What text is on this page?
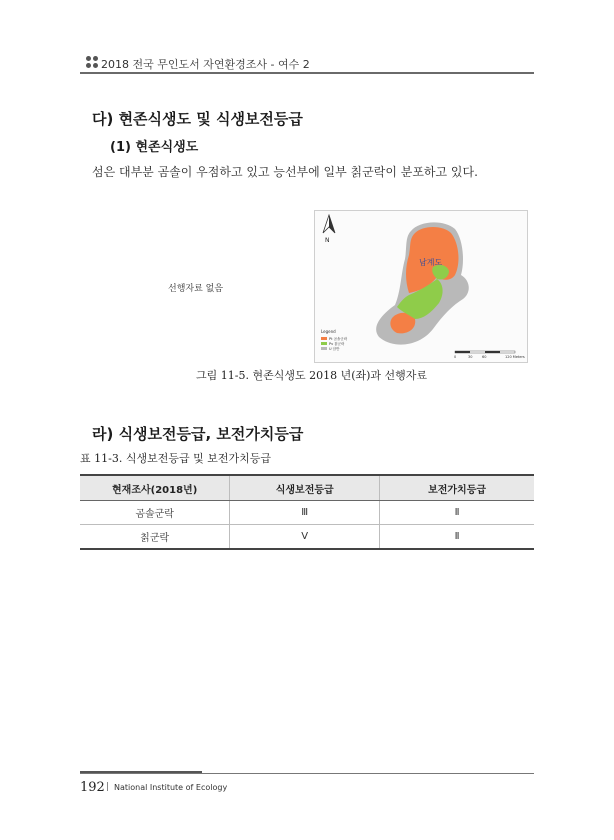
2018 전국 무인도서 자연환경조사 - 여수 2
다) 현존식생도 및 식생보전등급
(1) 현존식생도
섬은 대부분 곰솔이 우점하고 있고 능선부에 일부 칡군락이 분포하고 있다.
선행자료 없음
N
남계도
Legend
Pt 곰솔군락
Pv 칡군락
U 암반
0	30	60	120 Meters
그림 11-5. 현존식생도 2018 년(좌)과 선행자료
라) 식생보전등급, 보전가치등급
표 11-3. 식생보전등급 및 보전가치등급
현재조사(2018년)	식생보전등급	보전가치등급
곰솔군락	Ⅲ	Ⅱ
칡군락	Ⅴ	Ⅱ
192 | National Institute of Ecology
